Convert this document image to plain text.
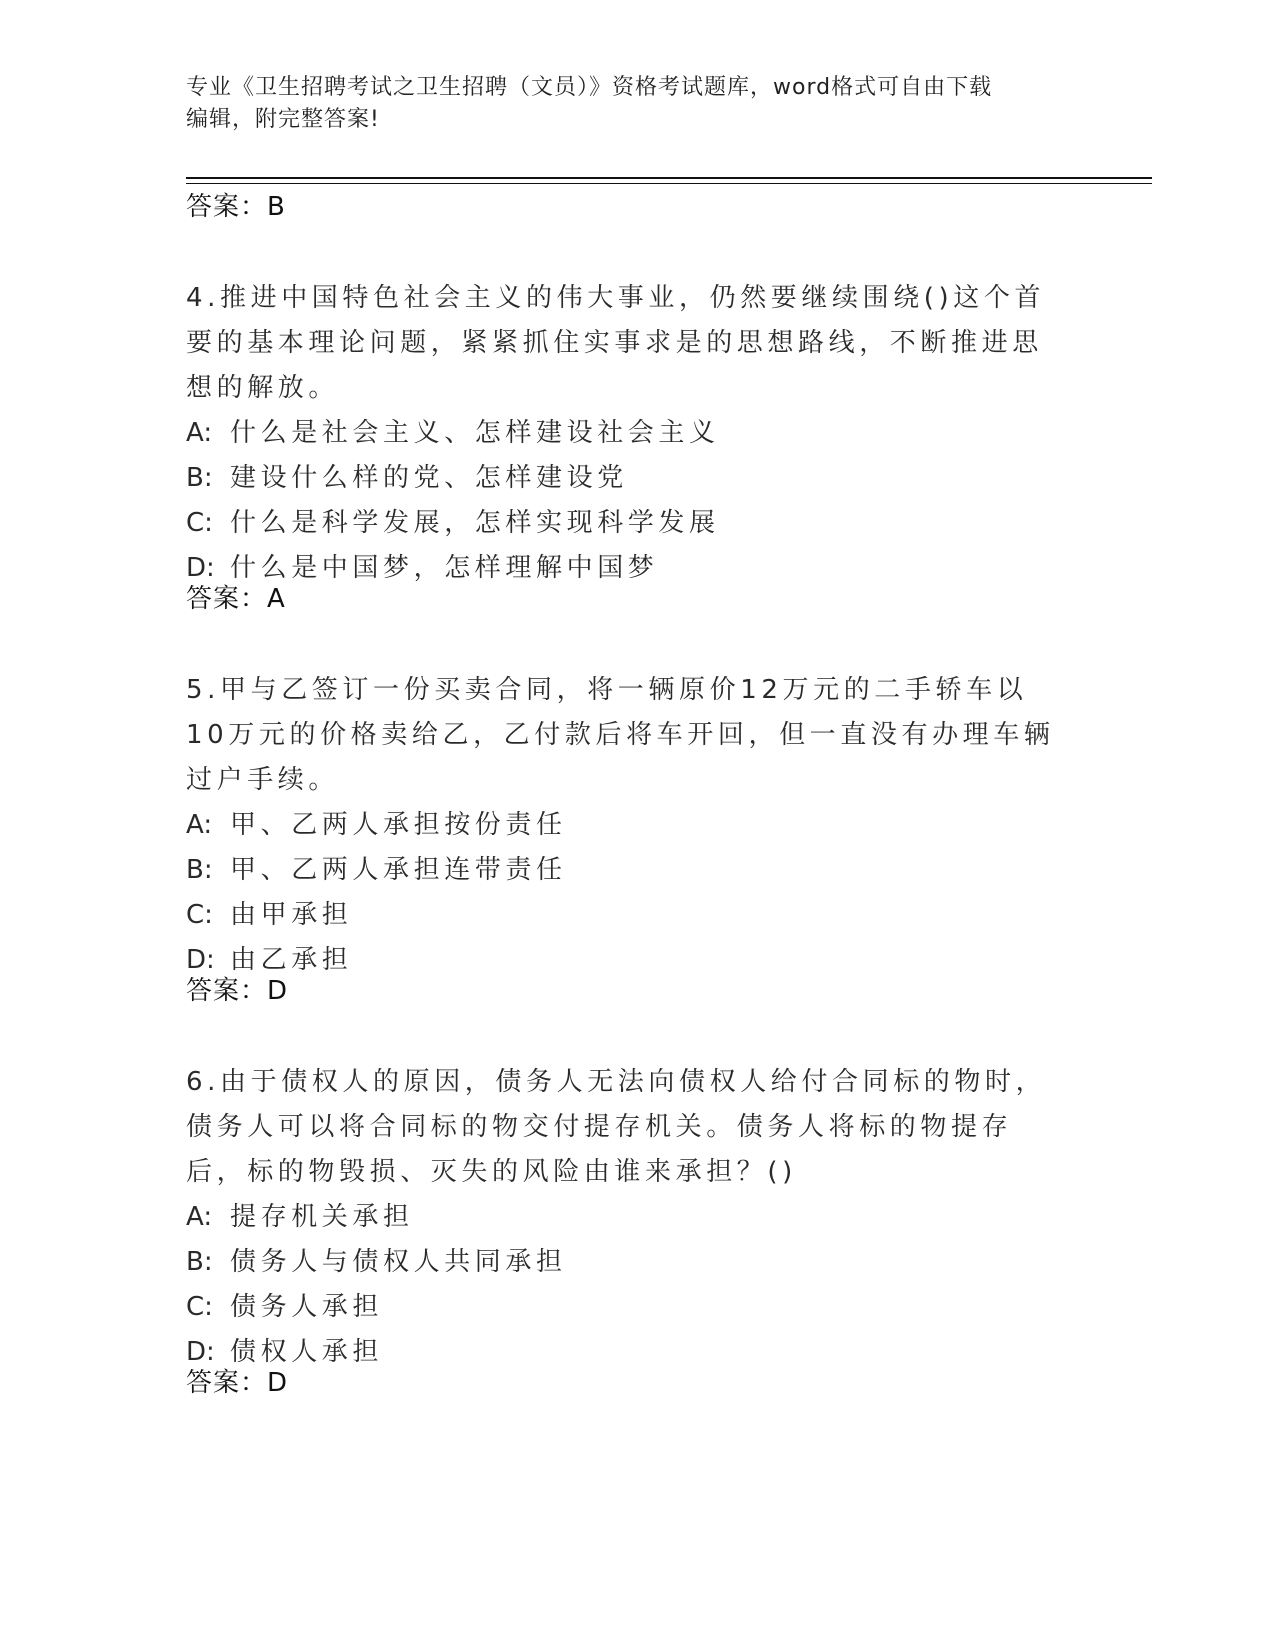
专业《卫生招聘考试之卫生招聘（文员）》资格考试题库，word格式可自由下载
编辑，附完整答案!
答案：B
4.推进中国特色社会主义的伟大事业，仍然要继续围绕()这个首要的基本理论问题，紧紧抓住实事求是的思想路线，不断推进思想的解放。
A: 什么是社会主义、怎样建设社会主义
B: 建设什么样的党、怎样建设党
C: 什么是科学发展，怎样实现科学发展
D: 什么是中国梦，怎样理解中国梦
答案：A
5.甲与乙签订一份买卖合同，将一辆原价12万元的二手轿车以10万元的价格卖给乙，乙付款后将车开回，但一直没有办理车辆过户手续。
A: 甲、乙两人承担按份责任
B: 甲、乙两人承担连带责任
C: 由甲承担
D: 由乙承担
答案：D
6.由于债权人的原因，债务人无法向债权人给付合同标的物时，债务人可以将合同标的物交付提存机关。债务人将标的物提存后，标的物毁损、灭失的风险由谁来承担？()
A: 提存机关承担
B: 债务人与债权人共同承担
C: 债务人承担
D: 债权人承担
答案：D
